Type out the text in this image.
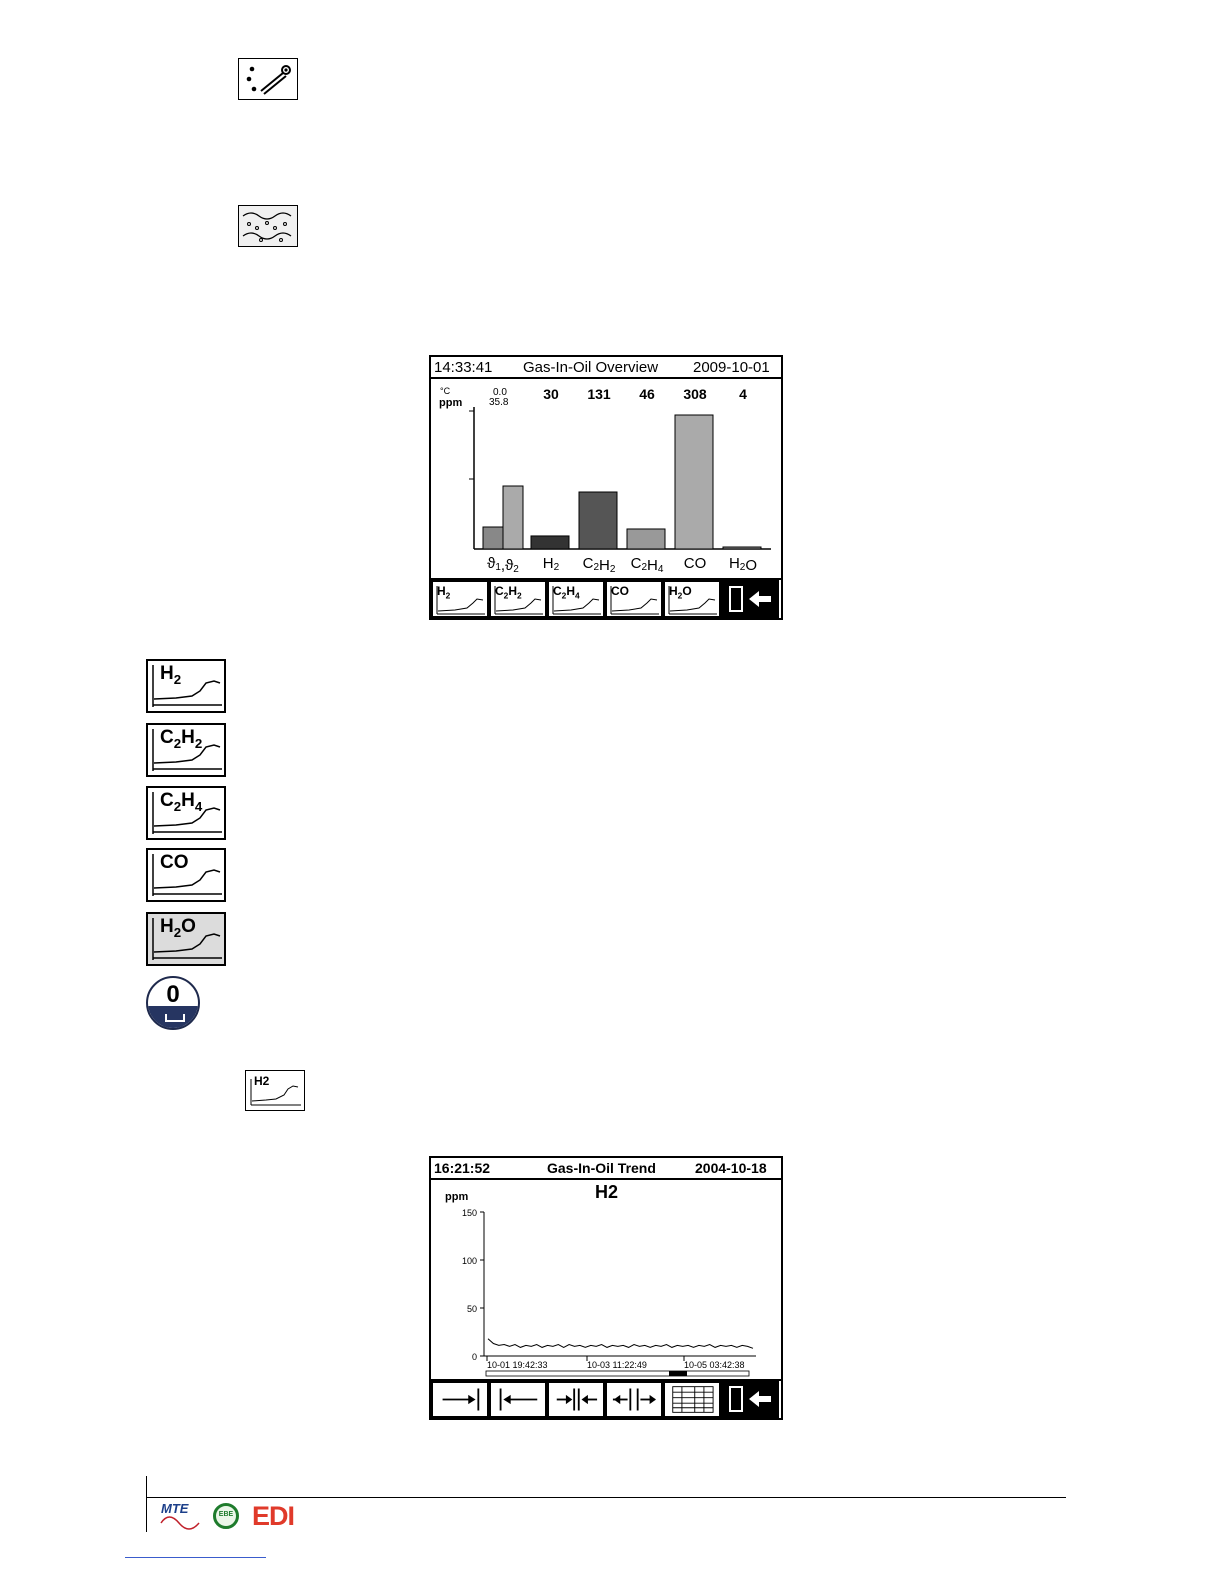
14:33:41 Gas-In-Oil Overview 2009-10-01
°C
ppm
0.0
35.8
30 131 46 308 4
ϑ1,ϑ2 H2 C2H2 C2H4 CO H2O
$H_2$	$C_2H_2$	$C_2H_4$	CO	$H_2O$
$H_2$
$C_2H_2$
$C_2H_4$
CO
$H_2O$
0
H2
16:21:52	Gas-In-Oil Trend	2004-10-18
H2
ppm
150
100
50
0
10-01 19:42:33	10-03 11:22:49	10-05 03:42:38
MTE	EBE EDI
